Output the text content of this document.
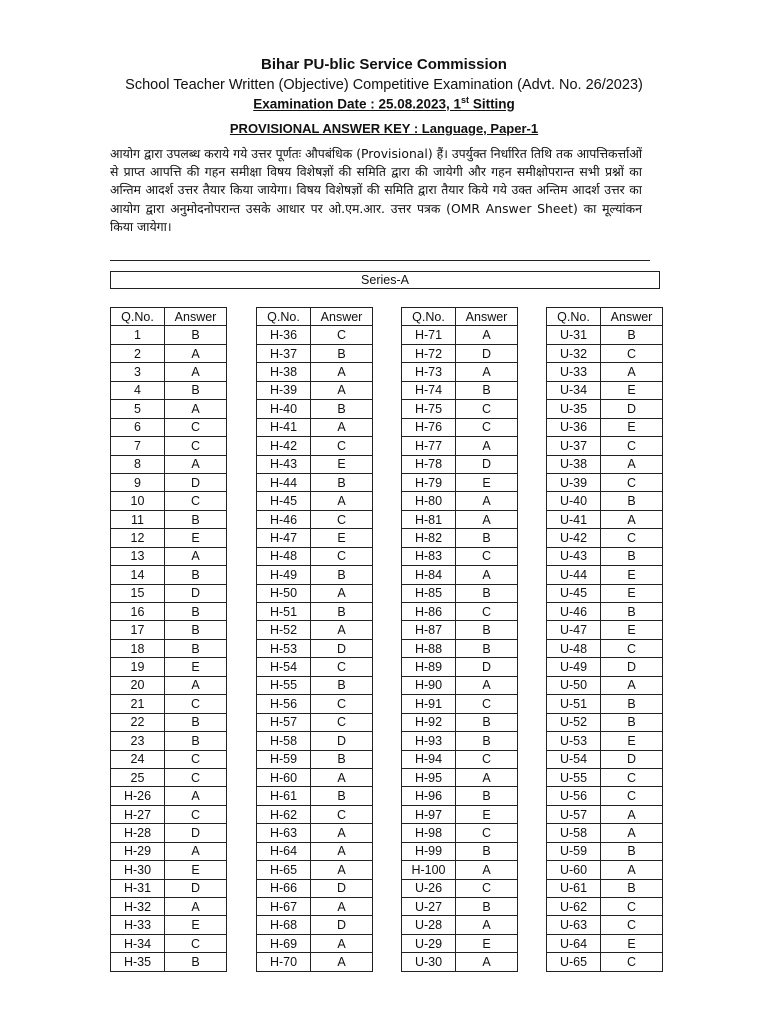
Bihar PU-blic Service Commission
School Teacher Written (Objective) Competitive Examination (Advt. No. 26/2023)
Examination Date : 25.08.2023, 1st Sitting
PROVISIONAL ANSWER KEY : Language, Paper-1
आयोग द्वारा उपलब्ध कराये गये उत्तर पूर्णतः औपबंधिक (Provisional) हैं। उपर्युक्त निर्धारित तिथि तक आपत्तिकर्त्ताओं से प्राप्त आपत्ति की गहन समीक्षा विषय विशेषज्ञों की समिति द्वारा की जायेगी और गहन समीक्षोपरान्त सभी प्रश्नों का अन्तिम आदर्श उत्तर तैयार किया जायेगा। विषय विशेषज्ञों की समिति द्वारा तैयार किये गये उक्त अन्तिम आदर्श उत्तर का आयोग द्वारा अनुमोदनोपरान्त उसके आधार पर ओ.एम.आर. उत्तर पत्रक (OMR Answer Sheet) का मूल्यांकन किया जायेगा।
Series-A
Q.No.	Answer
1	B
2	A
3	A
4	B
5	A
6	C
7	C
8	A
9	D
10	C
11	B
12	E
13	A
14	B
15	D
16	B
17	B
18	B
19	E
20	A
21	C
22	B
23	B
24	C
25	C
H-26	A
H-27	C
H-28	D
H-29	A
H-30	E
H-31	D
H-32	A
H-33	E
H-34	C
H-35	B
Q.No.	Answer
H-36	C
H-37	B
H-38	A
H-39	A
H-40	B
H-41	A
H-42	C
H-43	E
H-44	B
H-45	A
H-46	C
H-47	E
H-48	C
H-49	B
H-50	A
H-51	B
H-52	A
H-53	D
H-54	C
H-55	B
H-56	C
H-57	C
H-58	D
H-59	B
H-60	A
H-61	B
H-62	C
H-63	A
H-64	A
H-65	A
H-66	D
H-67	A
H-68	D
H-69	A
H-70	A
Q.No.	Answer
H-71	A
H-72	D
H-73	A
H-74	B
H-75	C
H-76	C
H-77	A
H-78	D
H-79	E
H-80	A
H-81	A
H-82	B
H-83	C
H-84	A
H-85	B
H-86	C
H-87	B
H-88	B
H-89	D
H-90	A
H-91	C
H-92	B
H-93	B
H-94	C
H-95	A
H-96	B
H-97	E
H-98	C
H-99	B
H-100	A
U-26	C
U-27	B
U-28	A
U-29	E
U-30	A
Q.No.	Answer
U-31	B
U-32	C
U-33	A
U-34	E
U-35	D
U-36	E
U-37	C
U-38	A
U-39	C
U-40	B
U-41	A
U-42	C
U-43	B
U-44	E
U-45	E
U-46	B
U-47	E
U-48	C
U-49	D
U-50	A
U-51	B
U-52	B
U-53	E
U-54	D
U-55	C
U-56	C
U-57	A
U-58	A
U-59	B
U-60	A
U-61	B
U-62	C
U-63	C
U-64	E
U-65	C
